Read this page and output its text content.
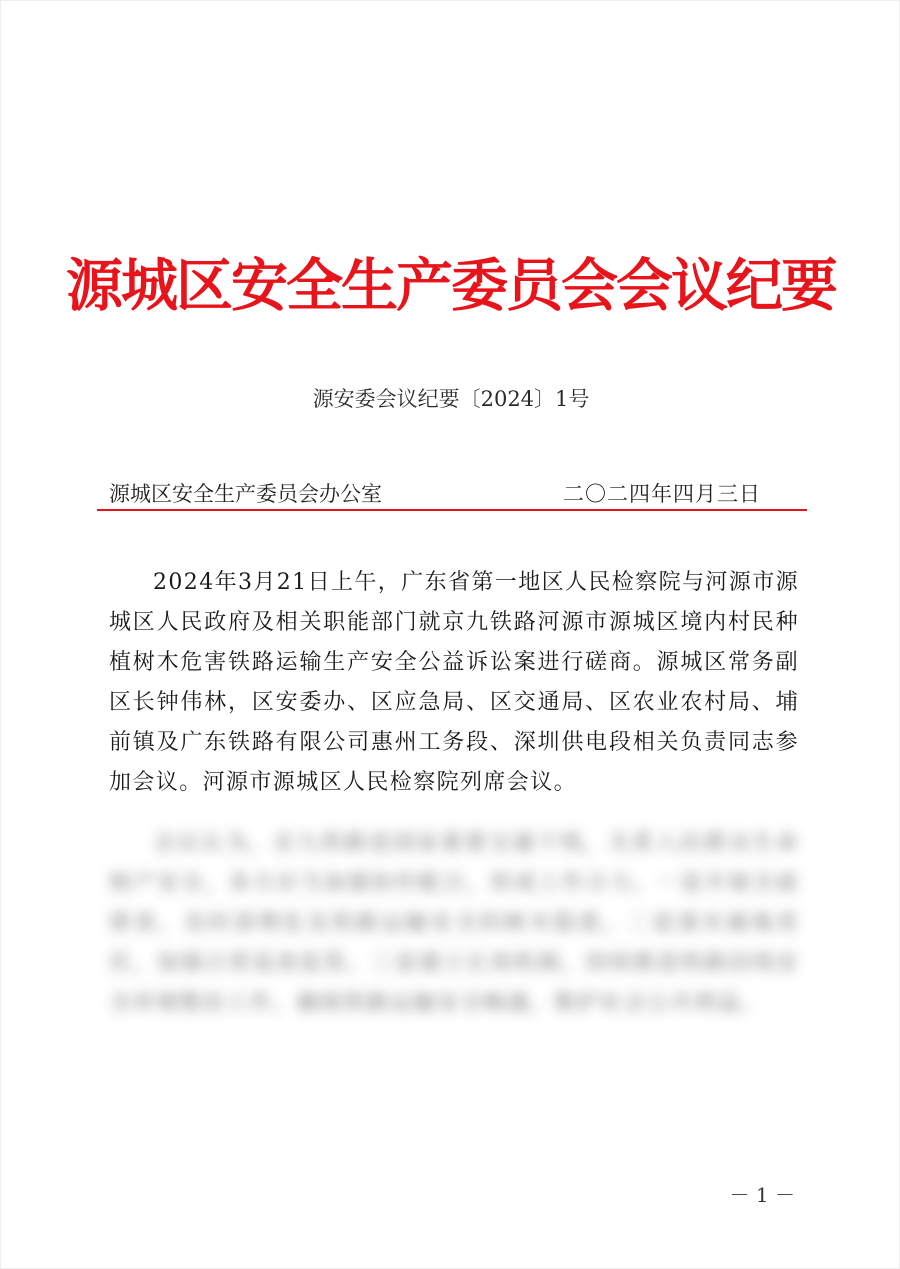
源城区安全生产委员会会议纪要
源安委会议纪要〔2024〕1号
源城区安全生产委员会办公室	二〇二四年四月三日
2024年3月21日上午，广东省第一地区人民检察院与河源市源城区人民政府及相关职能部门就京九铁路河源市源城区境内村民种植树木危害铁路运输生产安全公益诉讼案进行磋商。源城区常务副区长钟伟林，区安委办、区应急局、区交通局、区农业农村局、埔前镇及广东铁路有限公司惠州工务段、深圳供电段相关负责同志参加会议。河源市源城区人民检察院列席会议。
会议认为，京九铁路是国家重要交通干线，关系人民群众生命财产安全，各方应当加强协作配合，形成工作合力。一是开展全面排查，及时清理危及铁路运输安全的树木隐患。二是落实属地责任，加强日常巡查监管。三是建立长效机制，持续推进铁路沿线安全环境整治工作，确保铁路运输安全畅通，维护社会公共利益。
－ 1 －
